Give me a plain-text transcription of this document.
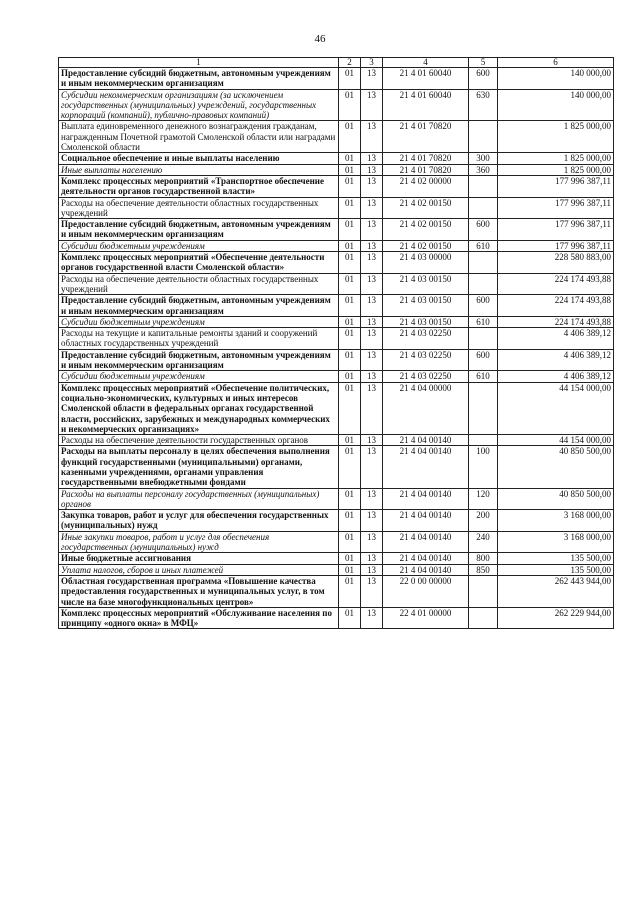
46
1	2	3	4	5	6
Предоставление субсидий бюджетным, автономным учреждениям и иным некоммерческим организациям	01	13	21 4 01 60040	600	140 000,00
Субсидии некоммерческим организациям (за исключением государственных (муниципальных) учреждений, государственных корпораций (компаний), публично-правовых компаний)	01	13	21 4 01 60040	630	140 000,00
Выплата единовременного денежного вознаграждения гражданам, награжденным Почетной грамотой Смоленской области или наградами Смоленской области	01	13	21 4 01 70820		1 825 000,00
Социальное обеспечение и иные выплаты населению	01	13	21 4 01 70820	300	1 825 000,00
Иные выплаты населению	01	13	21 4 01 70820	360	1 825 000,00
Комплекс процессных мероприятий «Транспортное обеспечение деятельности органов государственной власти»	01	13	21 4 02 00000		177 996 387,11
Расходы на обеспечение деятельности областных государственных учреждений	01	13	21 4 02 00150		177 996 387,11
Предоставление субсидий бюджетным, автономным учреждениям и иным некоммерческим организациям	01	13	21 4 02 00150	600	177 996 387,11
Субсидии бюджетным учреждениям	01	13	21 4 02 00150	610	177 996 387,11
Комплекс процессных мероприятий «Обеспечение деятельности органов государственной власти Смоленской области»	01	13	21 4 03 00000		228 580 883,00
Расходы на обеспечение деятельности областных государственных учреждений	01	13	21 4 03 00150		224 174 493,88
Предоставление субсидий бюджетным, автономным учреждениям и иным некоммерческим организациям	01	13	21 4 03 00150	600	224 174 493,88
Субсидии бюджетным учреждениям	01	13	21 4 03 00150	610	224 174 493,88
Расходы на текущие и капитальные ремонты зданий и сооружений областных государственных учреждений	01	13	21 4 03 02250		4 406 389,12
Предоставление субсидий бюджетным, автономным учреждениям и иным некоммерческим организациям	01	13	21 4 03 02250	600	4 406 389,12
Субсидии бюджетным учреждениям	01	13	21 4 03 02250	610	4 406 389,12
Комплекс процессных мероприятий «Обеспечение политических, социально-экономических, культурных и иных интересов Смоленской области в федеральных органах государственной власти, российских, зарубежных и международных коммерческих и некоммерческих организациях»	01	13	21 4 04 00000		44 154 000,00
Расходы на обеспечение деятельности государственных органов	01	13	21 4 04 00140		44 154 000,00
Расходы на выплаты персоналу в целях обеспечения выполнения функций государственными (муниципальными) органами, казенными учреждениями, органами управления государственными внебюджетными фондами	01	13	21 4 04 00140	100	40 850 500,00
Расходы на выплаты персоналу государственных (муниципальных) органов	01	13	21 4 04 00140	120	40 850 500,00
Закупка товаров, работ и услуг для обеспечения государственных (муниципальных) нужд	01	13	21 4 04 00140	200	3 168 000,00
Иные закупки товаров, работ и услуг для обеспечения государственных (муниципальных) нужд	01	13	21 4 04 00140	240	3 168 000,00
Иные бюджетные ассигнования	01	13	21 4 04 00140	800	135 500,00
Уплата налогов, сборов и иных платежей	01	13	21 4 04 00140	850	135 500,00
Областная государственная программа «Повышение качества предоставления государственных и муниципальных услуг, в том числе на базе многофункциональных центров»	01	13	22 0 00 00000		262 443 944,00
Комплекс процессных мероприятий «Обслуживание населения по принципу «одного окна» в МФЦ»	01	13	22 4 01 00000		262 229 944,00
